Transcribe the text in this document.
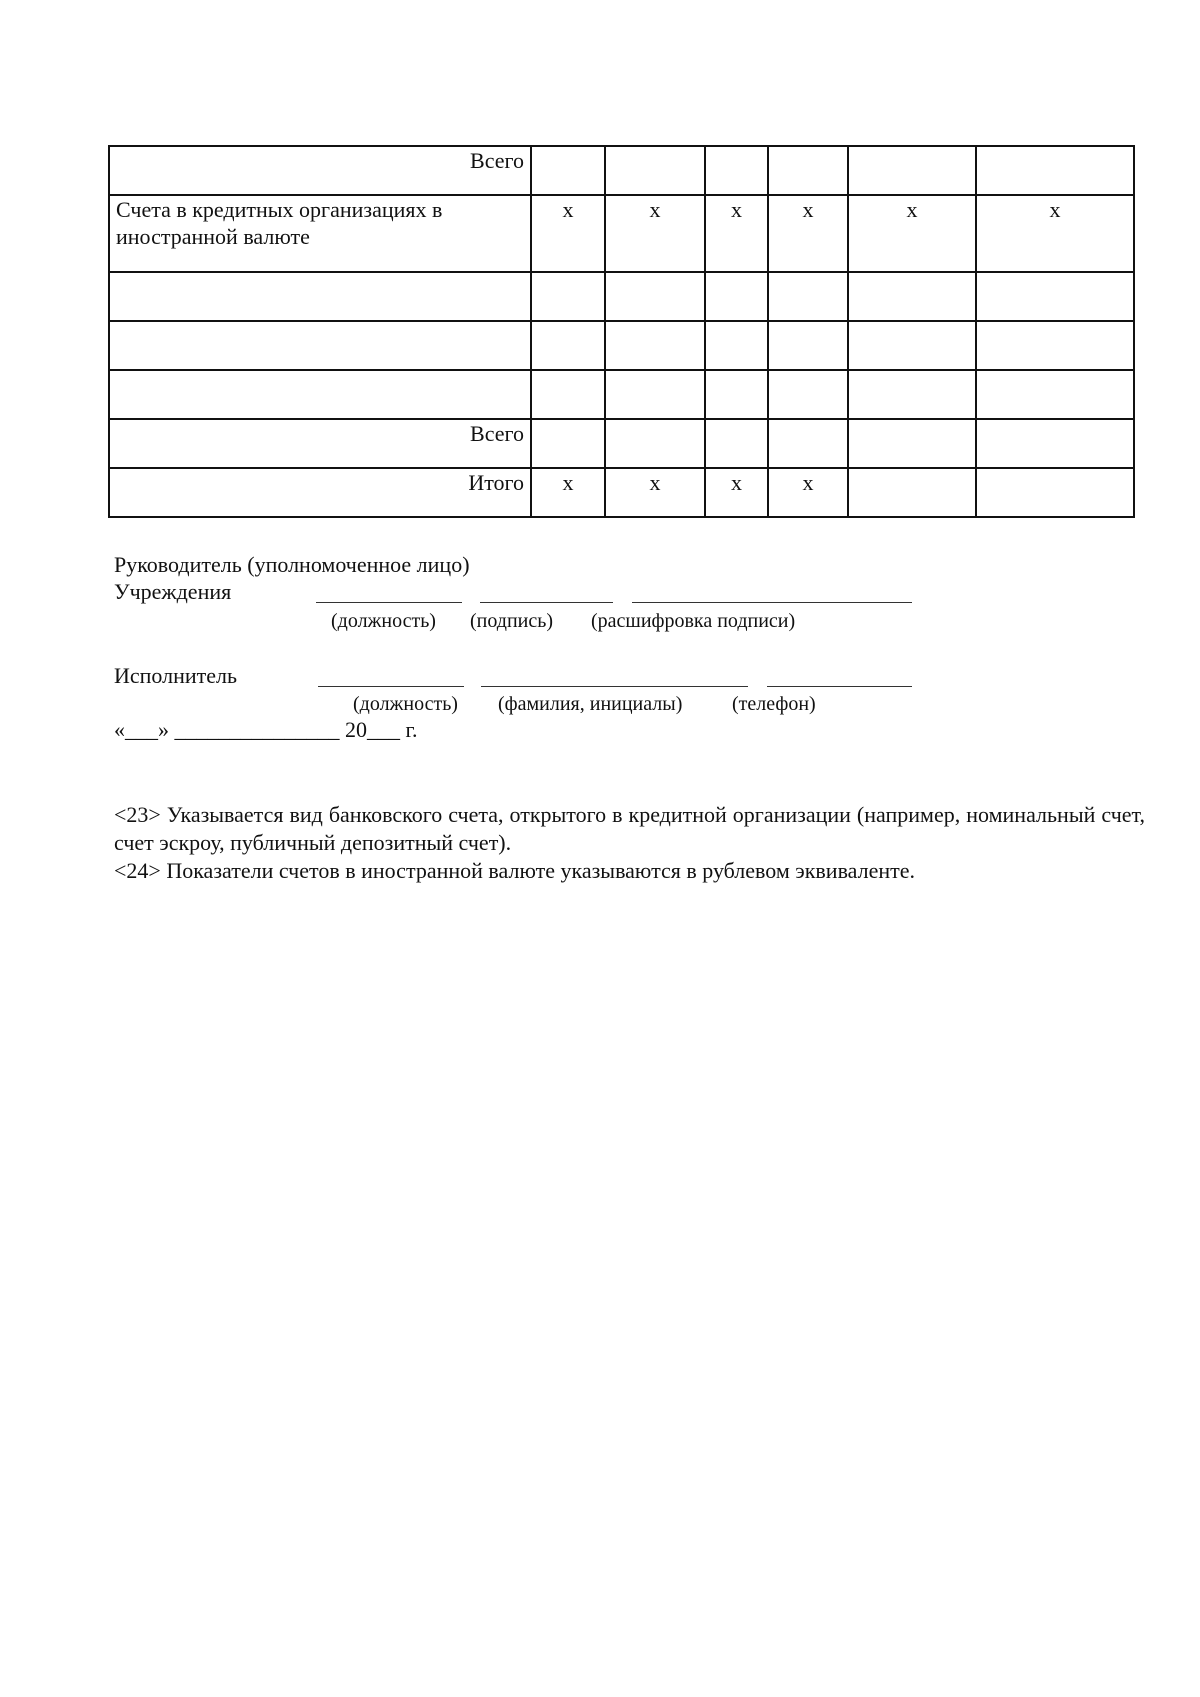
Всего						
Счета в кредитных организациях в иностранной валюте	x	x	x	x	x	x

Всего						
Итого	x	x	x	x		
Руководитель (уполномоченное лицо)
Учреждения
(должность) (подпись) (расшифровка подписи)
Исполнитель
(должность) (фамилия, инициалы) (телефон)
«___» _______________ 20___ г.
<23> Указывается вид банковского счета, открытого в кредитной организации (например, номинальный счет, счет эскроу, публичный депозитный счет).
<24> Показатели счетов в иностранной валюте указываются в рублевом эквиваленте.
